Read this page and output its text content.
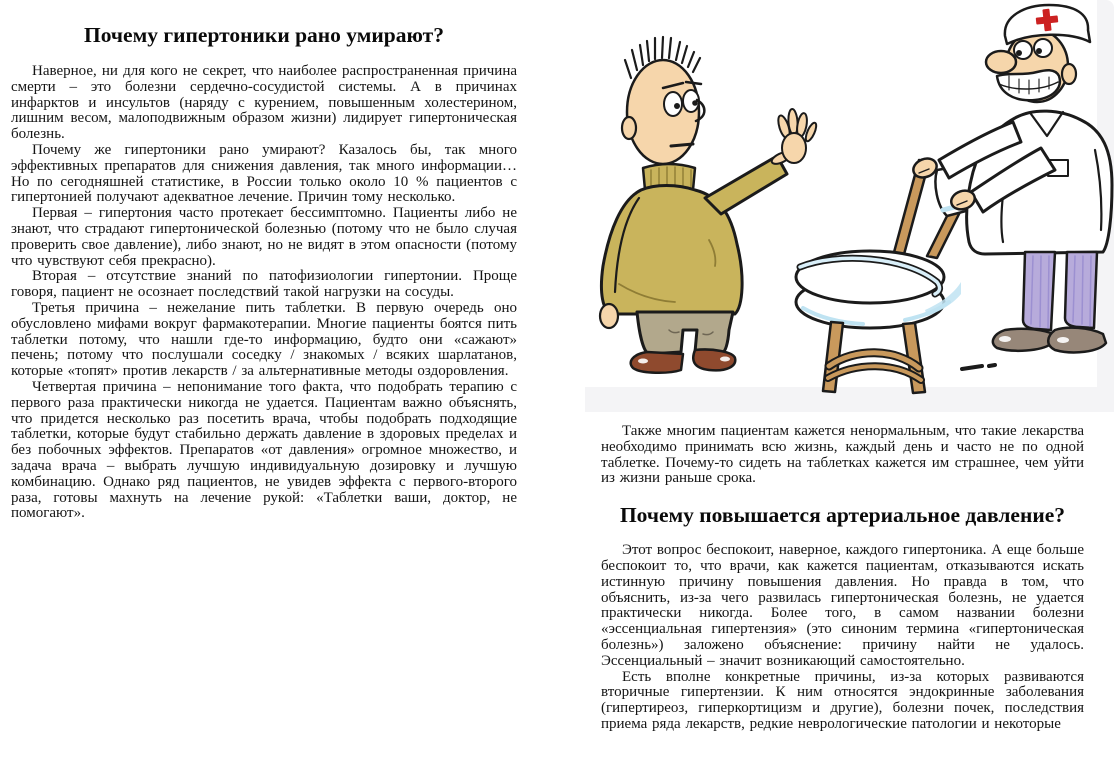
Почему гипертоники рано умирают?

Наверное, ни для кого не секрет, что наиболее распространенная причина смерти – это болезни сердечно-сосудистой системы. А в причинах инфарктов и инсультов (наряду с курением, повышенным холестерином, лишним весом, малоподвижным образом жизни) лидирует гипертоническая болезнь.

Почему же гипертоники рано умирают? Казалось бы, так много эффективных препаратов для снижения давления, так много информации… Но по сегодняшней статистике, в России только около 10 % пациентов с гипертонией получают адекватное лечение. Причин тому несколько.

Первая – гипертония часто протекает бессимптомно. Пациенты либо не знают, что страдают гипертонической болезнью (потому что не было случая проверить свое давление), либо знают, но не видят в этом опасности (потому что чувствуют себя прекрасно).

Вторая – отсутствие знаний по патофизиологии гипертонии. Проще говоря, пациент не осознает последствий такой нагрузки на сосуды.

Третья причина – нежелание пить таблетки. В первую очередь оно обусловлено мифами вокруг фармакотерапии. Многие пациенты боятся пить таблетки потому, что нашли где-то информацию, будто они «сажают» печень; потому что послушали соседку / знакомых / всяких шарлатанов, которые «топят» против лекарств / за альтернативные методы оздоровления.

Четвертая причина – непонимание того факта, что подобрать терапию с первого раза практически никогда не удается. Пациентам важно объяснять, что придется несколько раз посетить врача, чтобы подобрать подходящие таблетки, которые будут стабильно держать давление в здоровых пределах и без побочных эффектов. Препаратов «от давления» огромное множество, и задача врача – выбрать лучшую индивидуальную дозировку и лучшую комбинацию. Однако ряд пациентов, не увидев эффекта с первого-второго раза, готовы махнуть на лечение рукой: «Таблетки ваши, доктор, не помогают».

Также многим пациентам кажется ненормальным, что такие лекарства необходимо принимать всю жизнь, каждый день и часто не по одной таблетке. Почему-то сидеть на таблетках кажется им страшнее, чем уйти из жизни раньше срока.

Почему повышается артериальное давление?

Этот вопрос беспокоит, наверное, каждого гипертоника. А еще больше беспокоит то, что врачи, как кажется пациентам, отказываются искать истинную причину повышения давления. Но правда в том, что объяснить, из-за чего развилась гипертоническая болезнь, не удается практически никогда. Более того, в самом названии болезни «эссенциальная гипертензия» (это синоним термина «гипертоническая болезнь») заложено объяснение: причину найти не удалось. Эссенциальный – значит возникающий самостоятельно.

Есть вполне конкретные причины, из-за которых развиваются вторичные гипертензии. К ним относятся эндокринные заболевания (гипертиреоз, гиперкортицизм и другие), болезни почек, последствия приема ряда лекарств, редкие неврологические патологии и некоторые
